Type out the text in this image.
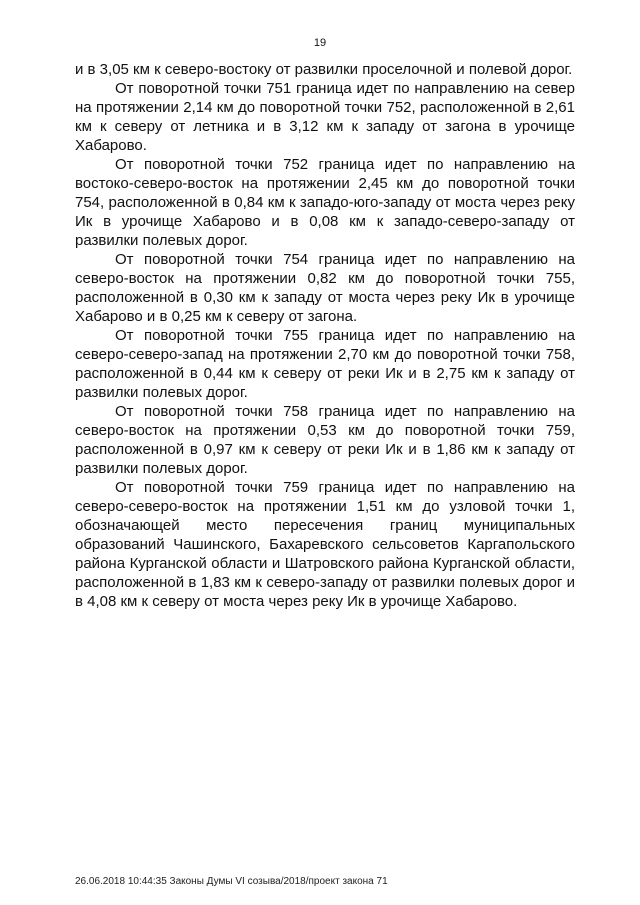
19

и в 3,05 км к северо-востоку от развилки проселочной и полевой дорог.

От поворотной точки 751 граница идет по направлению на север на протяжении 2,14 км до поворотной точки 752, расположенной в 2,61 км к северу от летника и в 3,12 км к западу от загона в урочище Хабарово.

От поворотной точки 752 граница идет по направлению на востоко-северо-восток на протяжении 2,45 км до поворотной точки 754, расположенной в 0,84 км к западо-юго-западу от моста через реку Ик в урочище Хабарово и в 0,08 км к западо-северо-западу от развилки полевых дорог.

От поворотной точки 754 граница идет по направлению на северо-восток на протяжении 0,82 км до поворотной точки 755, расположенной в 0,30 км к западу от моста через реку Ик в урочище Хабарово и в 0,25 км к северу от загона.

От поворотной точки 755 граница идет по направлению на северо-северо-запад на протяжении 2,70 км до поворотной точки 758, расположенной в 0,44 км к северу от реки Ик и в 2,75 км к западу от развилки полевых дорог.

От поворотной точки 758 граница идет по направлению на северо-восток на протяжении 0,53 км до поворотной точки 759, расположенной в 0,97 км к северу от реки Ик и в 1,86 км к западу от развилки полевых дорог.

От поворотной точки 759 граница идет по направлению на северо-северо-восток на протяжении 1,51 км до узловой точки 1, обозначающей место пересечения границ муниципальных образований Чашинского, Бахаревского сельсоветов Каргапольского района Курганской области и Шатровского района Курганской области, расположенной в 1,83 км к северо-западу от развилки полевых дорог и в 4,08 км к северу от моста через реку Ик в урочище Хабарово.

26.06.2018 10:44:35 Законы Думы VI созыва/2018/проект закона 71
